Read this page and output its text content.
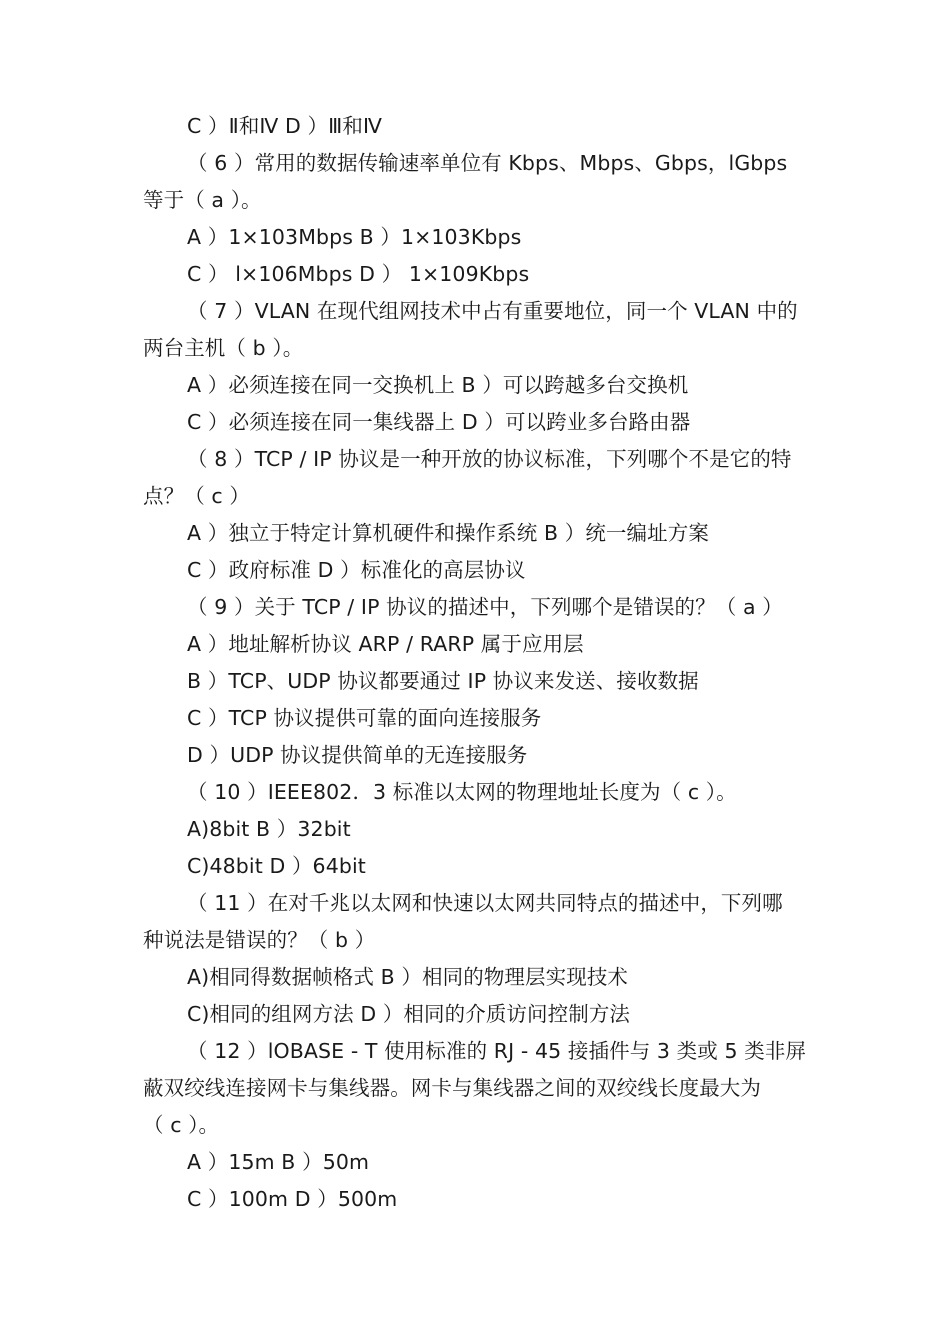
C ）Ⅱ和Ⅳ D ）Ⅲ和Ⅳ
（ 6 ）常用的数据传输速率单位有 Kbps、Mbps、Gbps，lGbps
等于（ a ）。
A ）1×103Mbps B ）1×103Kbps
C ） l×106Mbps D ） 1×109Kbps
（ 7 ）VLAN 在现代组网技术中占有重要地位，同一个 VLAN 中的
两台主机（ b ）。
A ）必须连接在同一交换机上 B ）可以跨越多台交换机
C ）必须连接在同一集线器上 D ）可以跨业多台路由器
（ 8 ）TCP / IP 协议是一种开放的协议标准，下列哪个不是它的特
点？（ c ）
A ）独立于特定计算机硬件和操作系统 B ）统一编址方案
C ）政府标准 D ）标准化的高层协议
（ 9 ）关于 TCP / IP 协议的描述中，下列哪个是错误的？（ a ）
A ）地址解析协议 ARP / RARP 属于应用层
B ）TCP、UDP 协议都要通过 IP 协议来发送、接收数据
C ）TCP 协议提供可靠的面向连接服务
D ）UDP 协议提供简单的无连接服务
（ 10 ）IEEE802．3 标准以太网的物理地址长度为（ c ）。
A)8bit B ）32bit
C)48bit D ）64bit
（ 11 ）在对千兆以太网和快速以太网共同特点的描述中，下列哪
种说法是错误的？（ b ）
A)相同得数据帧格式 B ）相同的物理层实现技术
C)相同的组网方法 D ）相同的介质访问控制方法
（ 12 ）lOBASE - T 使用标准的 RJ - 45 接插件与 3 类或 5 类非屏
蔽双绞线连接网卡与集线器。网卡与集线器之间的双绞线长度最大为
（ c ）。
A ）15m B ）50m
C ）100m D ）500m
